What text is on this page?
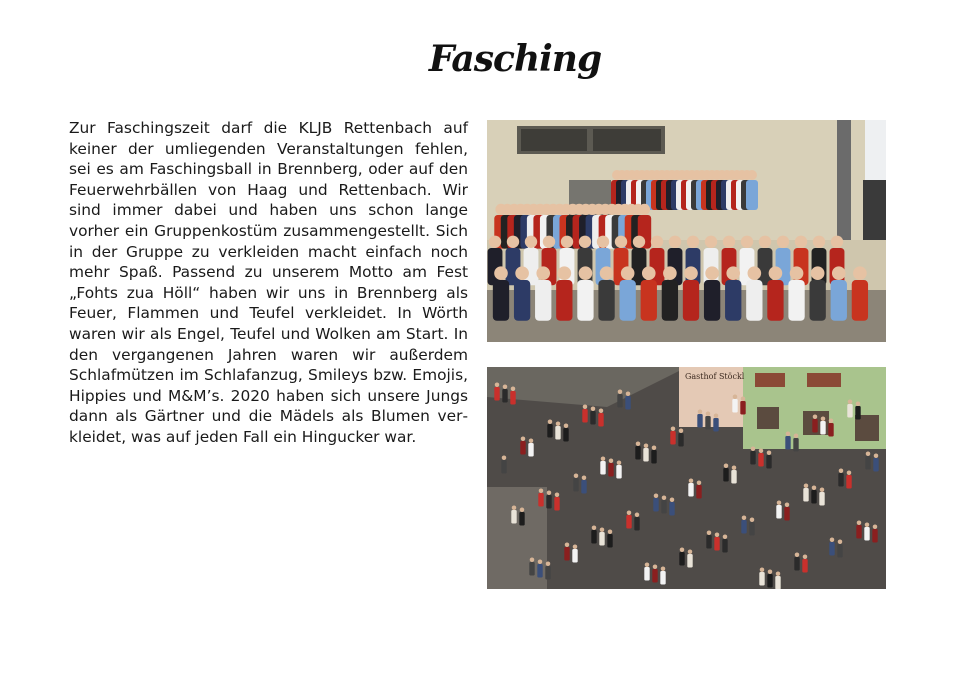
Fasching

Zur Faschingszeit darf die KLJB Rettenbach auf keiner der umliegenden Veranstaltungen fehlen, sei es am Faschingsball in Brennberg, oder auf den Feuerwehrbällen von Haag und Rettenbach. Wir sind immer dabei und haben uns schon lange vorher ein Gruppenkostüm zusammengestellt. Sich in der Gruppe zu verkleiden macht einfach noch mehr Spaß. Passend zu unserem Motto am Fest „Fohts zua Höll“ haben wir uns in Brennberg als Feuer, Flammen und Teufel verkleidet. In Wörth waren wir als Engel, Teufel und Wolken am Start. In den vergangenen Jahren waren wir außerdem Schlafmützen im Schlafanzug, Smileys bzw. Emojis, Hippies und M&M’s. 2020 haben sich unsere Jungs dann als Gärtner und die Mädels als Blumen verkleidet, was auf jeden Fall ein Hingucker war.

Gasthof Stöckl
